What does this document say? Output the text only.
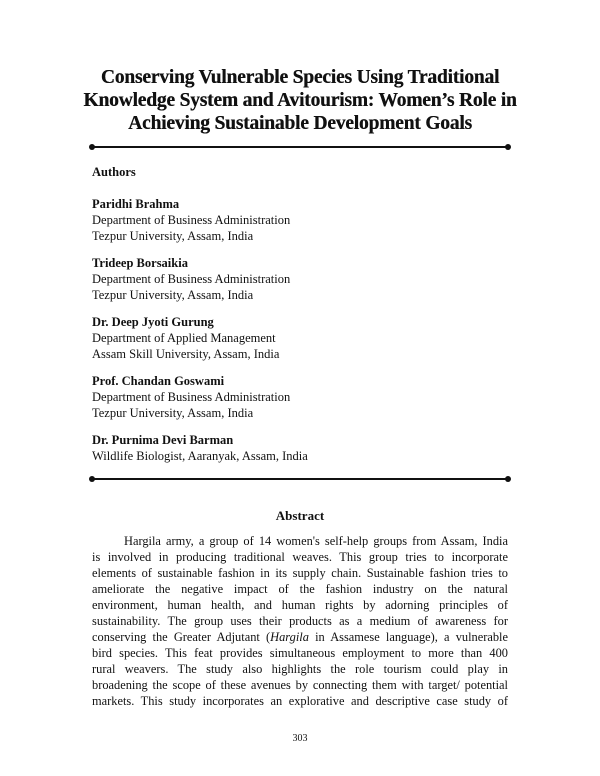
Conserving Vulnerable Species Using Traditional
Knowledge System and Avitourism: Women’s Role in
Achieving Sustainable Development Goals
Authors
Paridhi Brahma
Department of Business Administration
Tezpur University, Assam, India
Trideep Borsaikia
Department of Business Administration
Tezpur University, Assam, India
Dr. Deep Jyoti Gurung
Department of Applied Management
Assam Skill University, Assam, India
Prof. Chandan Goswami
Department of Business Administration
Tezpur University, Assam, India
Dr. Purnima Devi Barman
Wildlife Biologist, Aaranyak, Assam, India
Abstract
Hargila army, a group of 14 women's self-help groups from Assam, India
is involved in producing traditional weaves. This group tries to incorporate
elements of sustainable fashion in its supply chain. Sustainable fashion tries to
ameliorate the negative impact of the fashion industry on the natural
environment, human health, and human rights by adorning principles of
sustainability. The group uses their products as a medium of awareness for
conserving the Greater Adjutant (Hargila in Assamese language), a vulnerable
bird species. This feat provides simultaneous employment to more than 400
rural weavers. The study also highlights the role tourism could play in
broadening the scope of these avenues by connecting them with target/ potential
markets. This study incorporates an explorative and descriptive case study of
303
